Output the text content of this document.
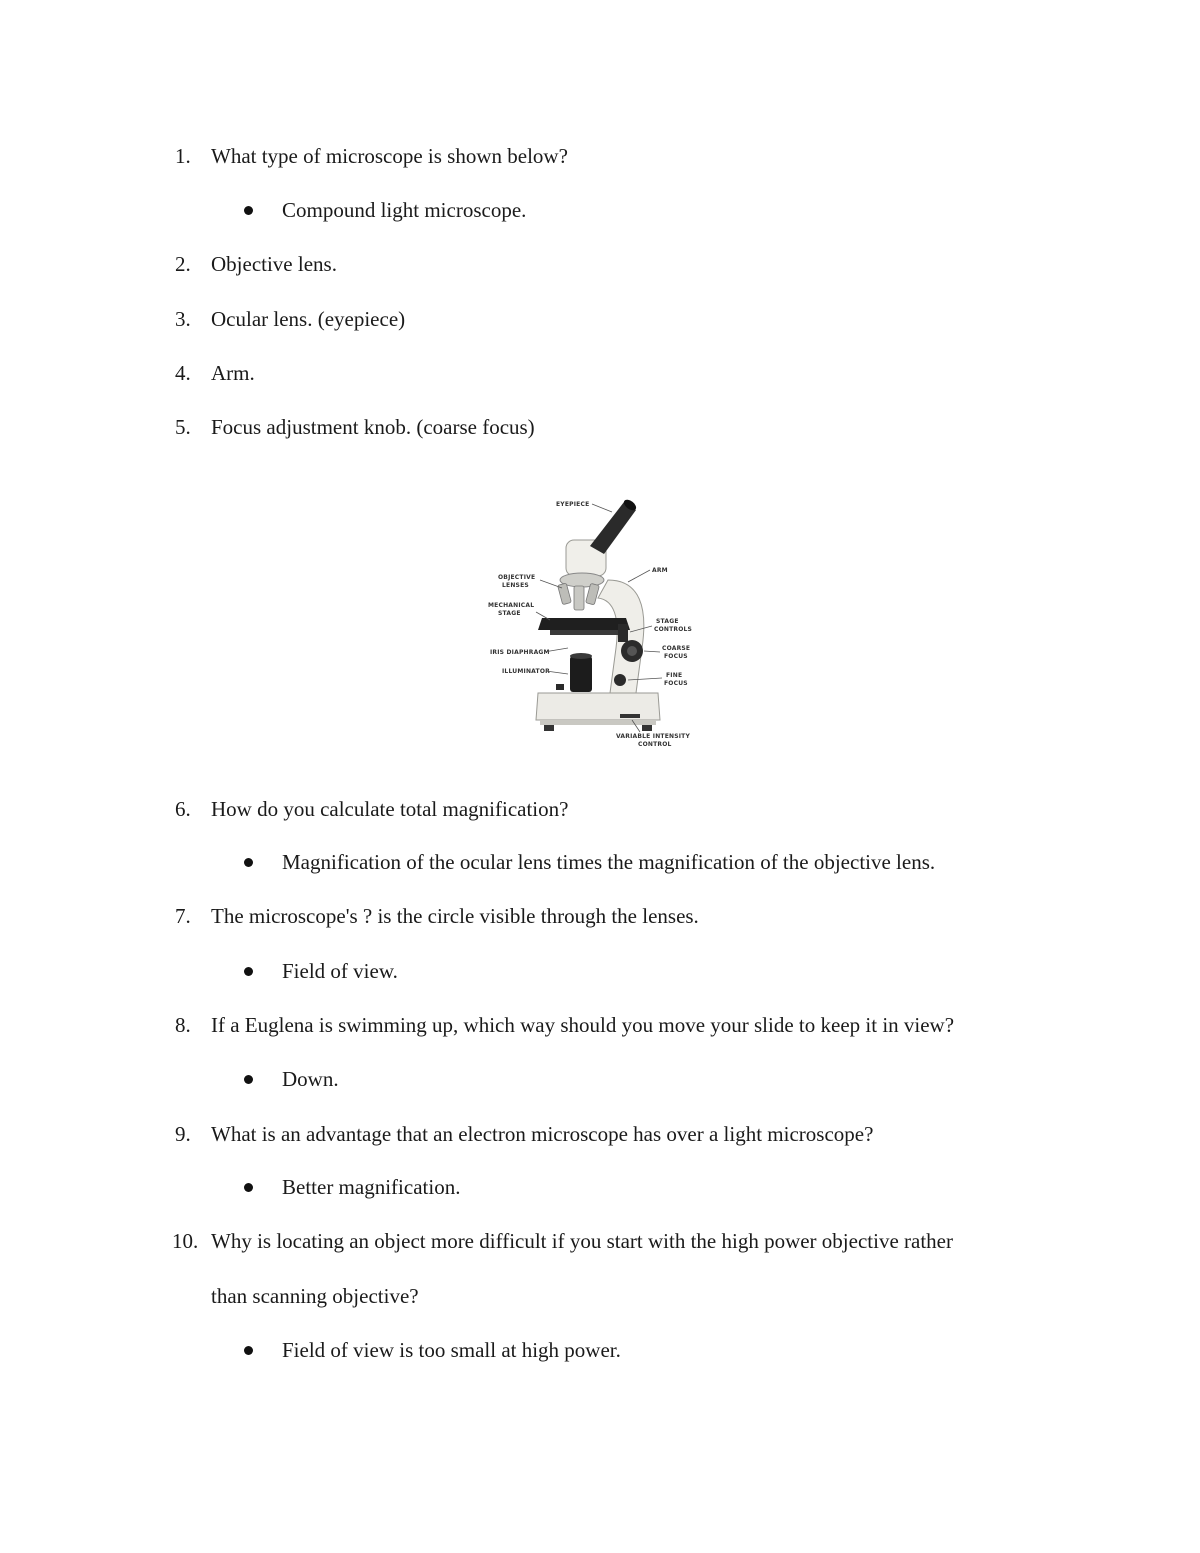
1. What type of microscope is shown below?
Compound light microscope.
2. Objective lens.
3. Ocular lens. (eyepiece)
4. Arm.
5. Focus adjustment knob. (coarse focus)
EYEPIECE
ARM
OBJECTIVE
LENSES
MECHANICAL
STAGE
STAGE
CONTROLS
IRIS DIAPHRAGM
COARSE
FOCUS
ILLUMINATOR
FINE
FOCUS
VARIABLE INTENSITY
CONTROL
6. How do you calculate total magnification?
Magnification of the ocular lens times the magnification of the objective lens.
7. The microscope's ? is the circle visible through the lenses.
Field of view.
8. If a Euglena is swimming up, which way should you move your slide to keep it in view?
Down.
9. What is an advantage that an electron microscope has over a light microscope?
Better magnification.
10. Why is locating an object more difficult if you start with the high power objective rather
than scanning objective?
Field of view is too small at high power.
